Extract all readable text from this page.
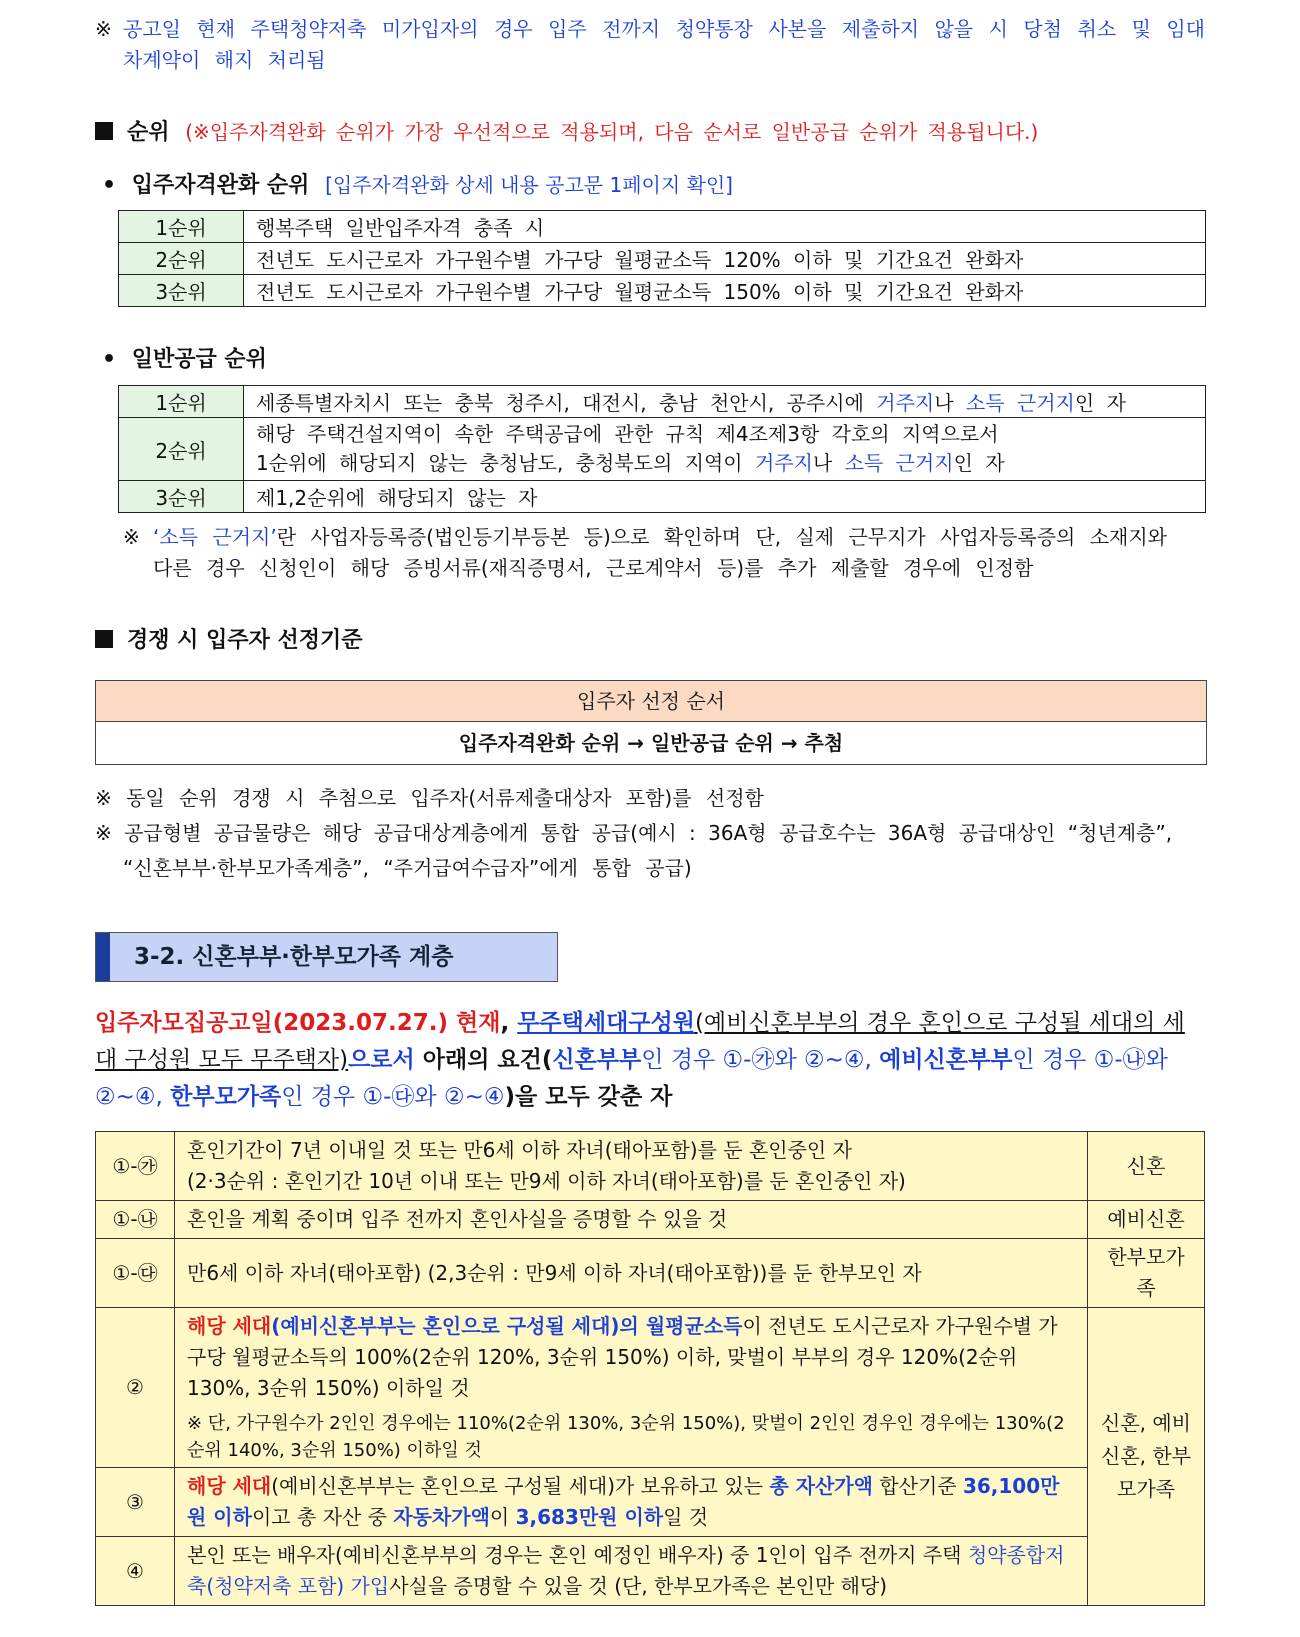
※ 공고일 현재 주택청약저축 미가입자의 경우 입주 전까지 청약통장 사본을 제출하지 않을 시 당첨 취소 및 임대차계약이 해지 처리됨
순위 (※입주자격완화 순위가 가장 우선적으로 적용되며, 다음 순서로 일반공급 순위가 적용됩니다.)
• 입주자격완화 순위 [입주자격완화 상세 내용 공고문 1페이지 확인]
1순위	행복주택 일반입주자격 충족 시
2순위	전년도 도시근로자 가구원수별 가구당 월평균소득 120% 이하 및 기간요건 완화자
3순위	전년도 도시근로자 가구원수별 가구당 월평균소득 150% 이하 및 기간요건 완화자
• 일반공급 순위
1순위	세종특별자치시 또는 충북 청주시, 대전시, 충남 천안시, 공주시에 거주지나 소득 근거지인 자
2순위	해당 주택건설지역이 속한 주택공급에 관한 규칙 제4조제3항 각호의 지역으로서
1순위에 해당되지 않는 충청남도, 충청북도의 지역이 거주지나 소득 근거지인 자
3순위	제1,2순위에 해당되지 않는 자
※ ‘소득 근거지’란 사업자등록증(법인등기부등본 등)으로 확인하며 단, 실제 근무지가 사업자등록증의 소재지와
다른 경우 신청인이 해당 증빙서류(재직증명서, 근로계약서 등)를 추가 제출할 경우에 인정함
경쟁 시 입주자 선정기준
입주자 선정 순서
입주자격완화 순위 → 일반공급 순위 → 추첨
※ 동일 순위 경쟁 시 추첨으로 입주자(서류제출대상자 포함)를 선정함
※ 공급형별 공급물량은 해당 공급대상계층에게 통합 공급(예시 : 36A형 공급호수는 36A형 공급대상인 “청년계층”,
“신혼부부·한부모가족계층”, “주거급여수급자”에게 통합 공급)
3-2. 신혼부부·한부모가족 계층
입주자모집공고일(2023.07.27.) 현재, 무주택세대구성원(예비신혼부부의 경우 혼인으로 구성될 세대의 세대 구성원 모두 무주택자)으로서 아래의 요건(신혼부부인 경우 ①-㉮와 ②~④, 예비신혼부부인 경우 ①-㉯와 ②~④, 한부모가족인 경우 ①-㉰와 ②~④)을 모두 갖춘 자
①-㉮	혼인기간이 7년 이내일 것 또는 만6세 이하 자녀(태아포함)를 둔 혼인중인 자
(2·3순위 : 혼인기간 10년 이내 또는 만9세 이하 자녀(태아포함)를 둔 혼인중인 자)	신혼
①-㉯	혼인을 계획 중이며 입주 전까지 혼인사실을 증명할 수 있을 것	예비신혼
①-㉰	만6세 이하 자녀(태아포함) (2,3순위 : 만9세 이하 자녀(태아포함))를 둔 한부모인 자	한부모가족
②	해당 세대(예비신혼부부는 혼인으로 구성될 세대)의 월평균소득이 전년도 도시근로자 가구원수별 가구당 월평균소득의 100%(2순위 120%, 3순위 150%) 이하, 맞벌이 부부의 경우 120%(2순위 130%, 3순위 150%) 이하일 것
※ 단, 가구원수가 2인인 경우에는 110%(2순위 130%, 3순위 150%), 맞벌이 2인인 경우인 경우에는 130%(2순위 140%, 3순위 150%) 이하일 것	신혼, 예비신혼, 한부모가족
③	해당 세대(예비신혼부부는 혼인으로 구성될 세대)가 보유하고 있는 총 자산가액 합산기준 36,100만원 이하이고 총 자산 중 자동차가액이 3,683만원 이하일 것	
④	본인 또는 배우자(예비신혼부부의 경우는 혼인 예정인 배우자) 중 1인이 입주 전까지 주택 청약종합저축(청약저축 포함) 가입사실을 증명할 수 있을 것 (단, 한부모가족은 본인만 해당)	
